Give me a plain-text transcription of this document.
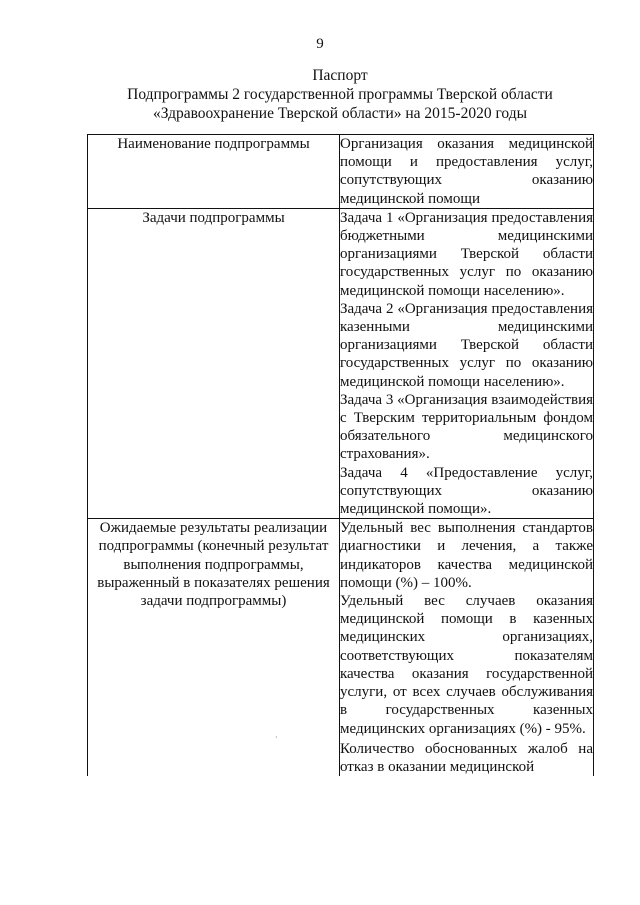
9
Паспорт
Подпрограммы 2 государственной программы Тверской области
«Здравоохранение Тверской области» на 2015-2020 годы
Наименование подпрограммы	Организация оказания медицинской помощи и предоставления услуг, сопутствующих оказанию медицинской помощи

Задачи подпрограммы	Задача 1 «Организация предоставления бюджетными медицинскими организациями Тверской области государственных услуг по оказанию медицинской помощи населению».
Задача 2 «Организация предоставления казенными медицинскими организациями Тверской области государственных услуг по оказанию медицинской помощи населению».
Задача 3 «Организация взаимодействия с Тверским территориальным фондом обязательного медицинского страхования».
Задача 4 «Предоставление услуг, сопутствующих оказанию медицинской помощи».

Ожидаемые результаты реализации подпрограммы (конечный результат выполнения подпрограммы, выраженный в показателях решения задачи подпрограммы)	Удельный вес выполнения стандартов диагностики и лечения, а также индикаторов качества медицинской помощи (%) – 100%.
Удельный вес случаев оказания медицинской помощи в казенных медицинских организациях, соответствующих показателям качества оказания государственной услуги, от всех случаев обслуживания в государственных казенных медицинских организациях (%) - 95%.
Количество обоснованных жалоб на отказ в оказании медицинской
·
